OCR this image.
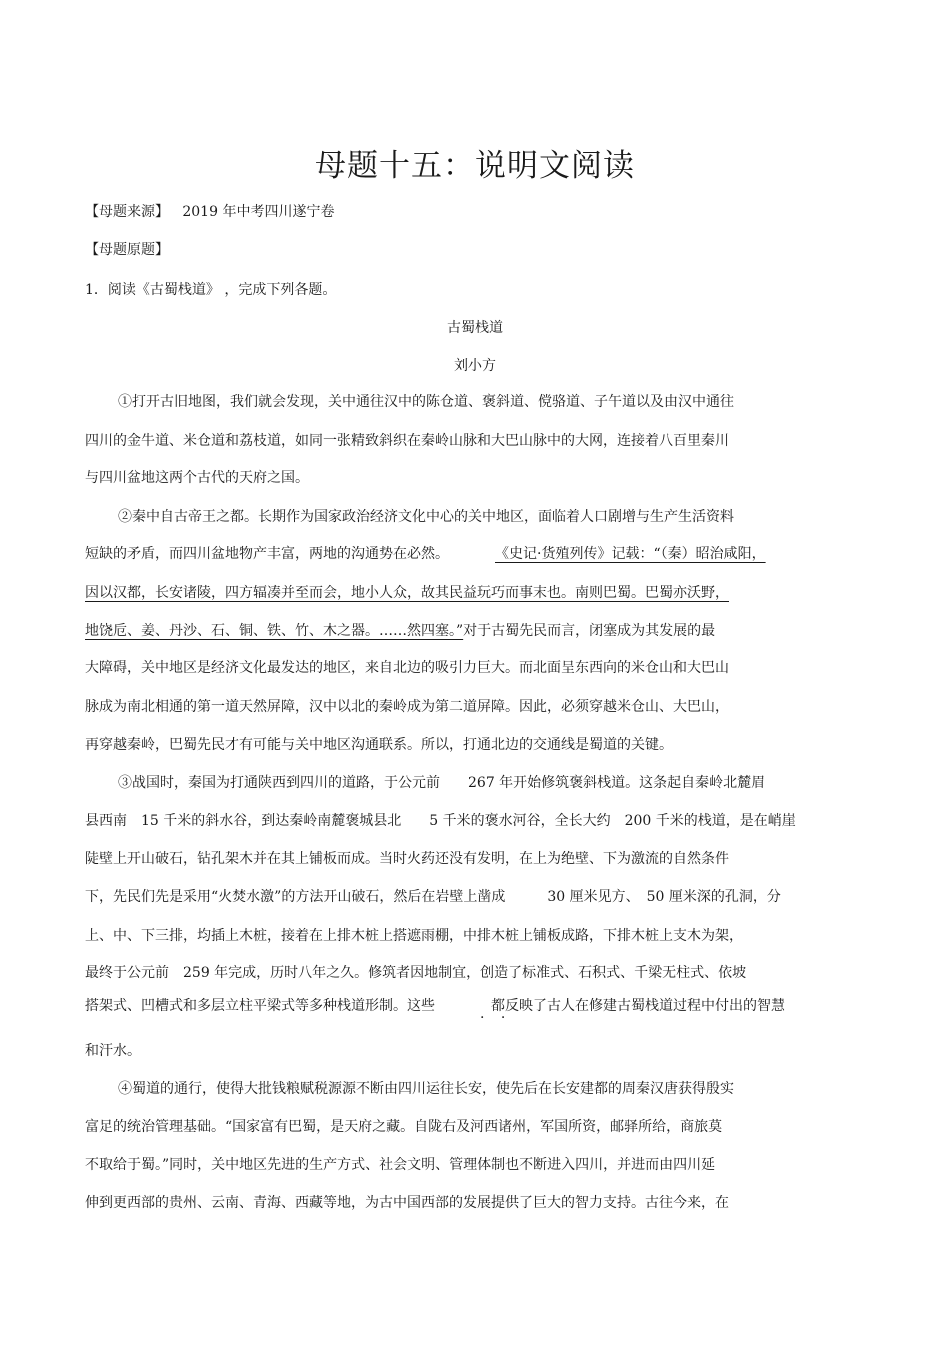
母题十五：说明文阅读
【母题来源】 2019 年中考四川遂宁卷
【母题原题】
1．阅读《古蜀栈道》 ，完成下列各题。
古蜀栈道
刘小方
①打开古旧地图，我们就会发现，关中通往汉中的陈仓道、褒斜道、傥骆道、子午道以及由汉中通往
四川的金牛道、米仓道和荔枝道，如同一张精致斜织在秦岭山脉和大巴山脉中的大网，连接着八百里秦川
与四川盆地这两个古代的天府之国。
②秦中自古帝王之都。长期作为国家政治经济文化中心的关中地区，面临着人口剧增与生产生活资料
短缺的矛盾，而四川盆地物产丰富，两地的沟通势在必然。	《史记·货殖列传》记载：“（秦）昭治咸阳，
因以汉都，长安诸陵，四方辐凑并至而会，地小人众，故其民益玩巧而事末也。南则巴蜀。巴蜀亦沃野，
地饶卮、姜、丹沙、石、铜、铁、竹、木之器。……然四塞。”对于古蜀先民而言，闭塞成为其发展的最
大障碍，关中地区是经济文化最发达的地区，来自北边的吸引力巨大。而北面呈东西向的米仓山和大巴山
脉成为南北相通的第一道天然屏障，汉中以北的秦岭成为第二道屏障。因此，必须穿越米仓山、大巴山，
再穿越秦岭，巴蜀先民才有可能与关中地区沟通联系。所以，打通北边的交通线是蜀道的关键。
③战国时，秦国为打通陕西到四川的道路，于公元前　　267 年开始修筑褒斜栈道。这条起自秦岭北麓眉
县西南　15 千米的斜水谷，到达秦岭南麓褒城县北　　5 千米的褒水河谷，全长大约　200 千米的栈道，是在峭崖
陡壁上开山破石，钻孔架木并在其上铺板而成。当时火药还没有发明，在上为绝壁、下为激流的自然条件
下，先民们先是采用“火焚水激”的方法开山破石，然后在岩壁上凿成　　　30 厘米见方、　50 厘米深的孔洞，分
上、中、下三排，均插上木桩，接着在上排木桩上搭遮雨棚，中排木桩上铺板成路，下排木桩上支木为架，
最终于公元前　259 年完成，历时八年之久。修筑者因地制宜，创造了标准式、石积式、千梁无柱式、依坡
搭架式、凹槽式和多层立柱平梁式等多种栈道形制。这些　　　　都反映了古人在修建古蜀栈道过程中付出的智慧
· ·
和汗水。
④蜀道的通行，使得大批钱粮赋税源源不断由四川运往长安，使先后在长安建都的周秦汉唐获得殷实
富足的统治管理基础。“国家富有巴蜀，是天府之藏。自陇右及河西诸州，军国所资，邮驿所给，商旅莫
不取给于蜀。”同时，关中地区先进的生产方式、社会文明、管理体制也不断进入四川，并进而由四川延
伸到更西部的贵州、云南、青海、西藏等地，为古中国西部的发展提供了巨大的智力支持。古往今来，在
